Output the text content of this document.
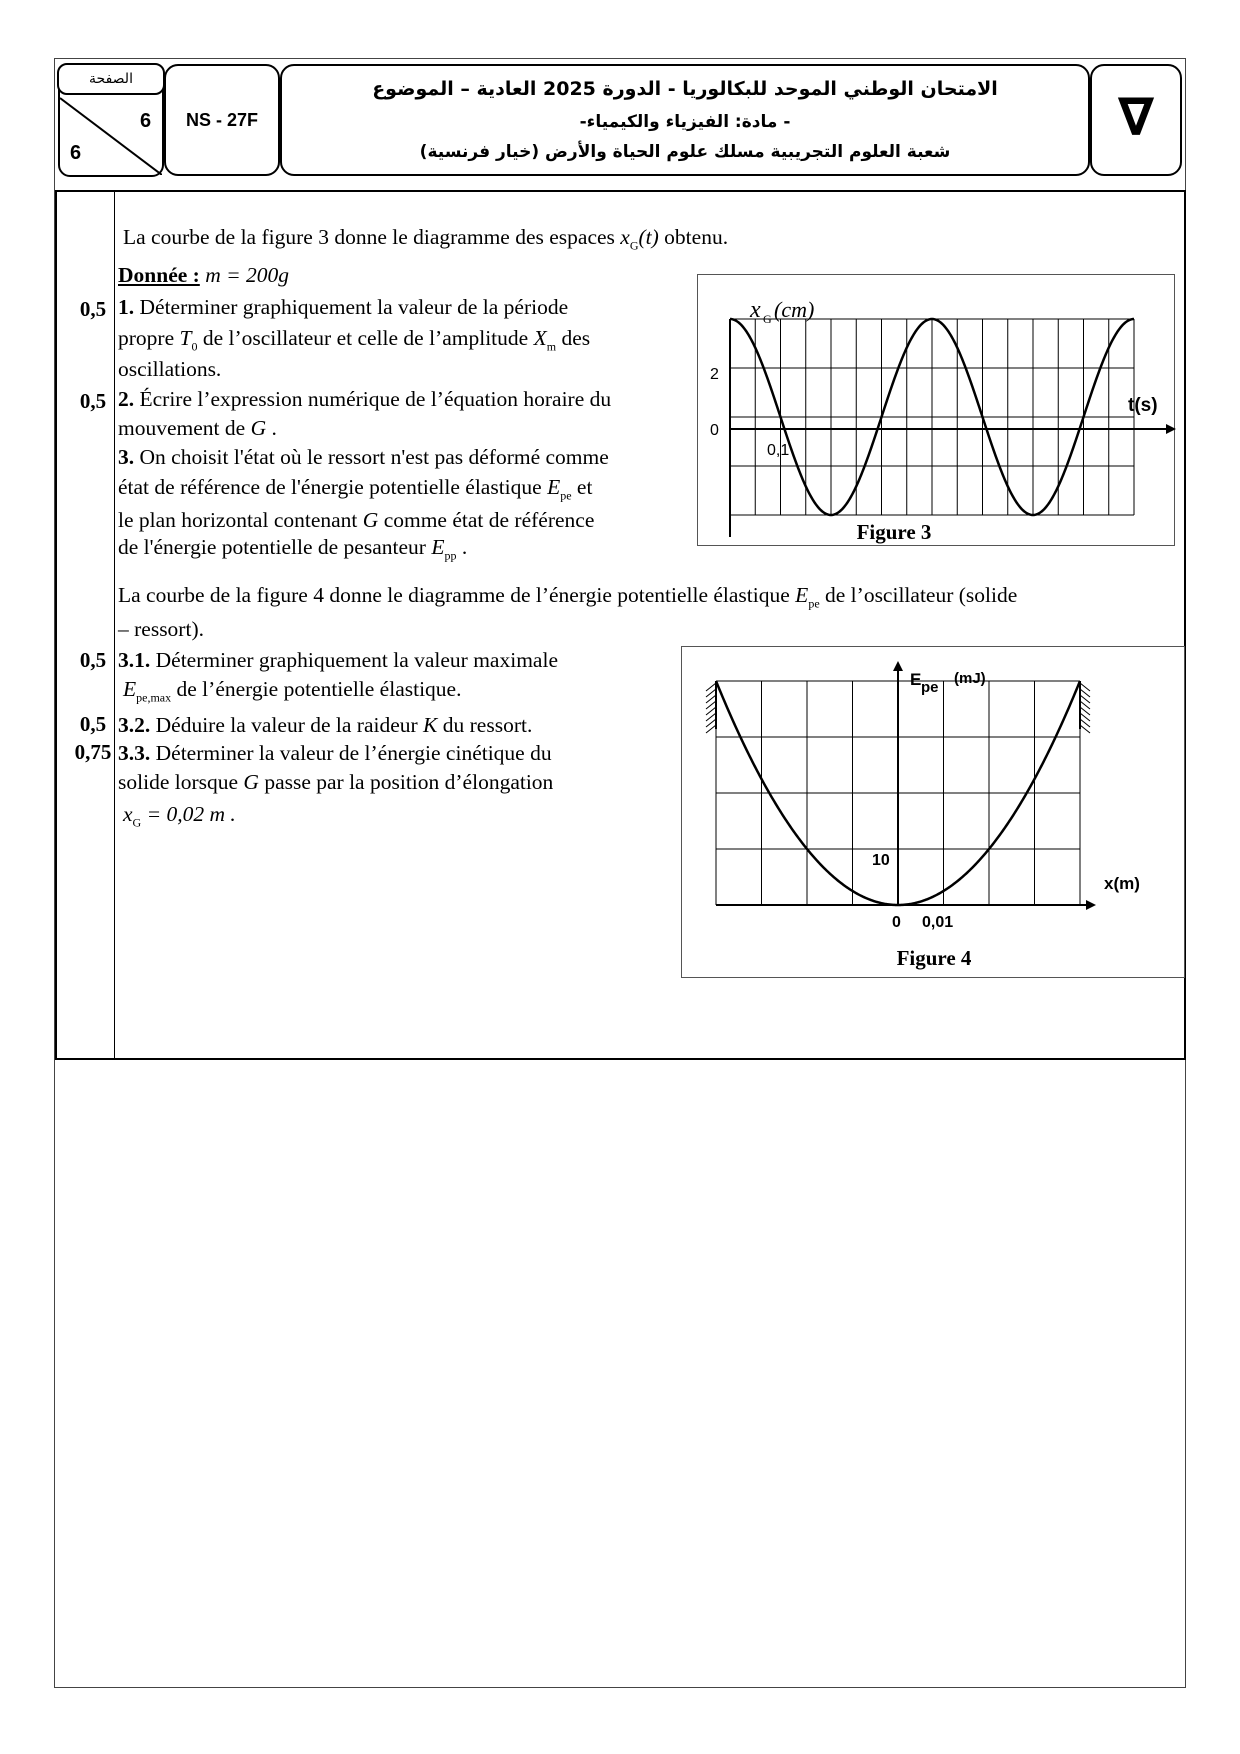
الصفحة
6
6
NS - 27F
الامتحان الوطني الموحد للبكالوريا - الدورة 2025 العادية – الموضوع
- مادة: الفيزياء والكيمياء-
شعبة العلوم التجريبية مسلك علوم الحياة والأرض (خيار فرنسية)
∇
0,5
0,5
0,5
0,5
0,75
La courbe de la figure 3 donne le diagramme des espaces $x_G(t)$ obtenu.
Donnée : m = 200g
1. Déterminer graphiquement la valeur de la période
propre $T_0$ de l’oscillateur et celle de l’amplitude $X_m$ des
oscillations.
2. Écrire l’expression numérique de l’équation horaire du
mouvement de G .
3. On choisit l'état où le ressort n'est pas déformé comme
état de référence de l'énergie potentielle élastique $E_{pe}$ et
le plan horizontal contenant G comme état de référence
de l'énergie potentielle de pesanteur $E_{pp}$ .
La courbe de la figure 4 donne le diagramme de l’énergie potentielle élastique $E_{pe}$ de l’oscillateur (solide
– ressort).
3.1. Déterminer graphiquement la valeur maximale
$E_{pe,max}$ de l’énergie potentielle élastique.
3.2. Déduire la valeur de la raideur K du ressort.
3.3. Déterminer la valeur de l’énergie cinétique du
solide lorsque G passe par la position d’élongation
$x_G = 0,02$ m .
x G (cm)
t(s)
2
0
0,1
Figure 3
E pe
(mJ)
x(m)
10
0 0,01
Figure 4
